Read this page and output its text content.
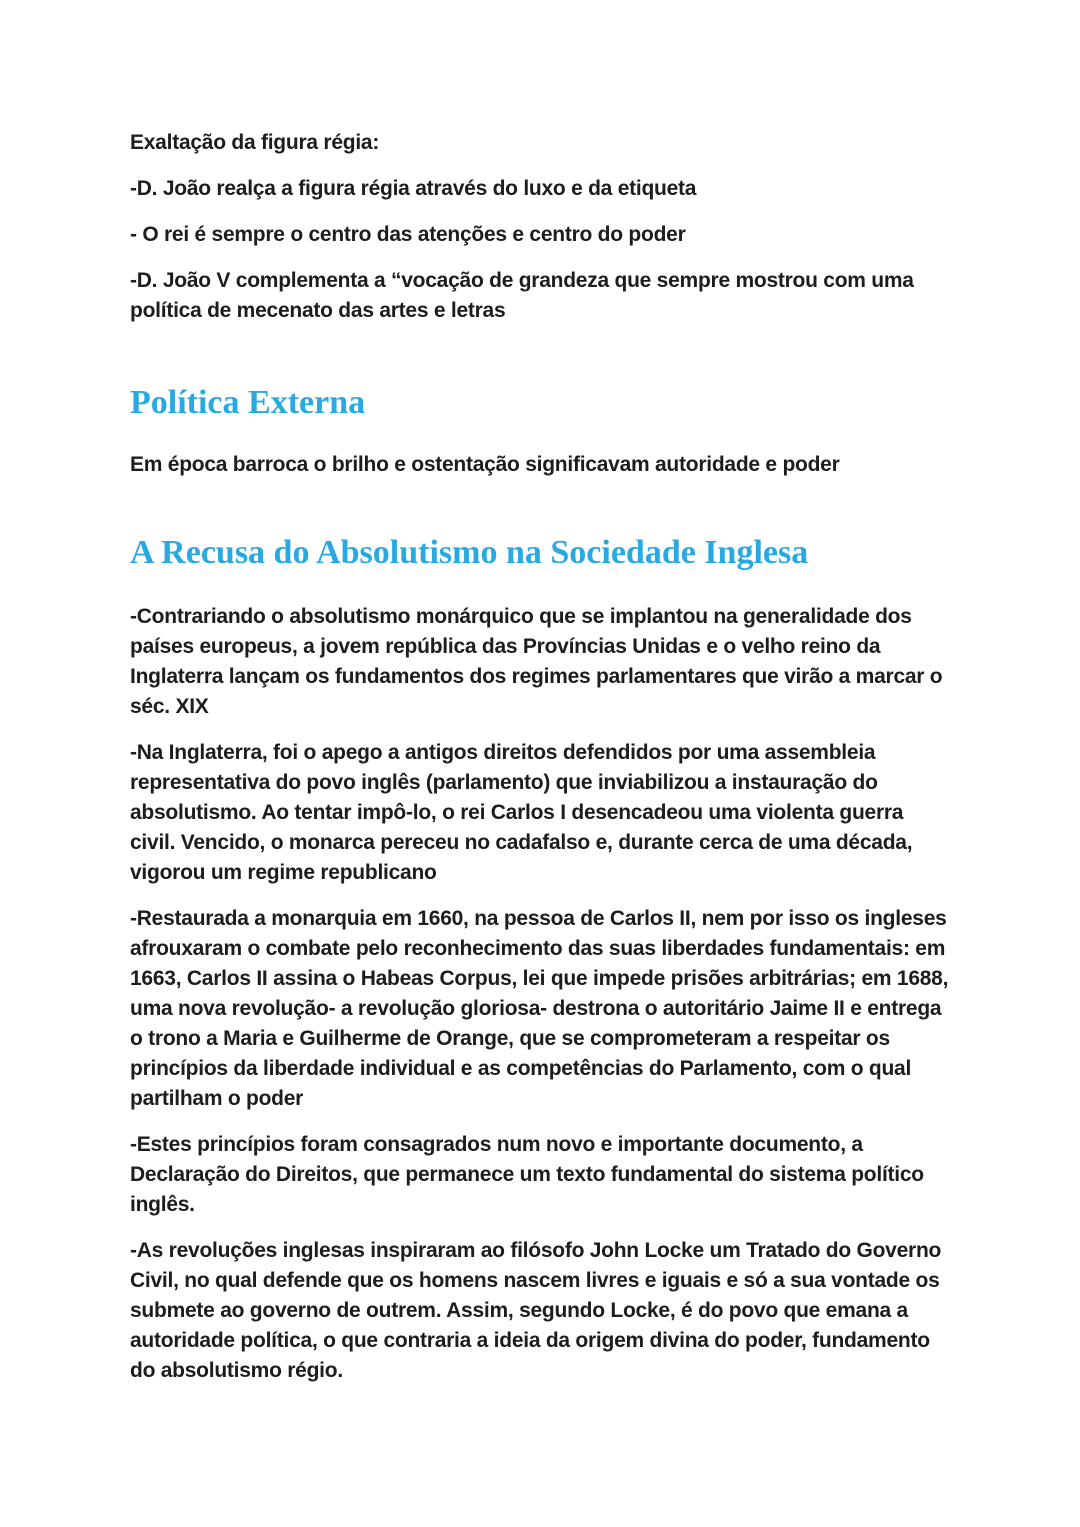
Exaltação da figura régia:

-D. João realça a figura régia através do luxo e da etiqueta

- O rei é sempre o centro das atenções e centro do poder

-D. João V complementa a “vocação de grandeza que sempre mostrou com uma política de mecenato das artes e letras

Política Externa

Em época barroca o brilho e ostentação significavam autoridade e poder

A Recusa do Absolutismo na Sociedade Inglesa

-Contrariando o absolutismo monárquico que se implantou na generalidade dos países europeus, a jovem república das Províncias Unidas e o velho reino da Inglaterra lançam os fundamentos dos regimes parlamentares que virão a marcar o séc. XIX

-Na Inglaterra, foi o apego a antigos direitos defendidos por uma assembleia representativa do povo inglês (parlamento) que inviabilizou a instauração do absolutismo. Ao tentar impô-lo, o rei Carlos I desencadeou uma violenta guerra civil. Vencido, o monarca pereceu no cadafalso e, durante cerca de uma década, vigorou um regime republicano

-Restaurada a monarquia em 1660, na pessoa de Carlos II, nem por isso os ingleses afrouxaram o combate pelo reconhecimento das suas liberdades fundamentais: em 1663, Carlos II assina o Habeas Corpus, lei que impede prisões arbitrárias; em 1688, uma nova revolução- a revolução gloriosa- destrona o autoritário Jaime II e entrega o trono a Maria e Guilherme de Orange, que se comprometeram a respeitar os princípios da liberdade individual e as competências do Parlamento, com o qual partilham o poder

-Estes princípios foram consagrados num novo e importante documento, a Declaração do Direitos, que permanece um texto fundamental do sistema político inglês.

-As revoluções inglesas inspiraram ao filósofo John Locke um Tratado do Governo Civil, no qual defende que os homens nascem livres e iguais e só a sua vontade os submete ao governo de outrem. Assim, segundo Locke, é do povo que emana a autoridade política, o que contraria a ideia da origem divina do poder, fundamento do absolutismo régio.
